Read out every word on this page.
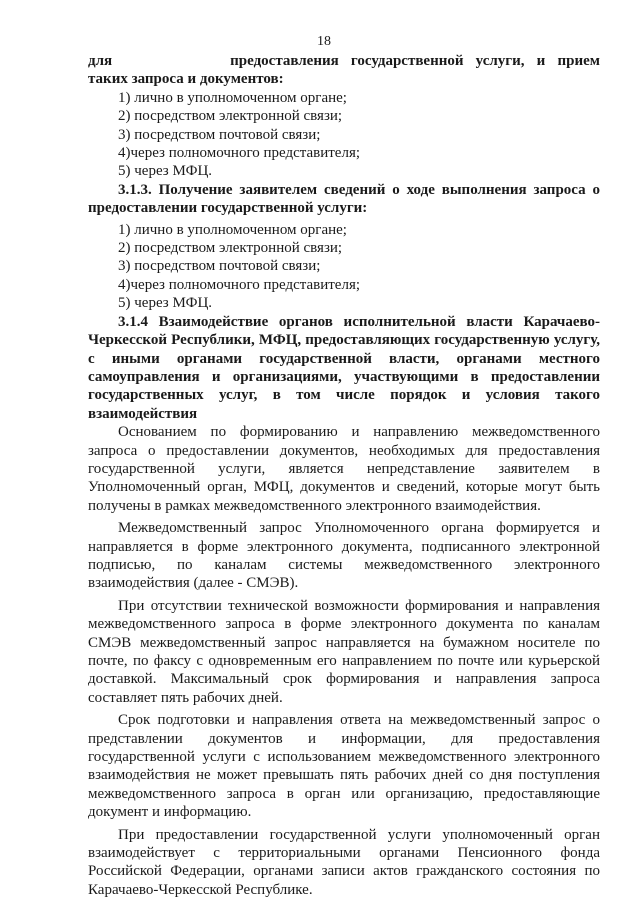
18

для	предоставления государственной услуги, и прием

таких запроса и документов:

1) лично в уполномоченном органе;

2) посредством электронной связи;

3) посредством почтовой связи;

4)через полномочного представителя;

5) через МФЦ.

3.1.3. Получение заявителем сведений о ходе выполнения запроса о предоставлении государственной услуги:

1) лично в уполномоченном органе;

2) посредством электронной связи;

3) посредством почтовой связи;

4)через полномочного представителя;

5) через МФЦ.

3.1.4 Взаимодействие органов исполнительной власти Карачаево-Черкесской Республики, МФЦ, предоставляющих государственную услугу, с иными органами государственной власти, органами местного самоуправления и организациями, участвующими в предоставлении государственных услуг, в том числе порядок и условия такого взаимодействия

Основанием по формированию и направлению межведомственного запроса о предоставлении документов, необходимых для предоставления государственной услуги, является непредставление заявителем в Уполномоченный орган, МФЦ, документов и сведений, которые могут быть получены в рамках межведомственного электронного взаимодействия.

Межведомственный запрос Уполномоченного органа формируется и направляется в форме электронного документа, подписанного электронной подписью, по каналам системы межведомственного электронного взаимодействия (далее - СМЭВ).

При отсутствии технической возможности формирования и направления межведомственного запроса в форме электронного документа по каналам СМЭВ межведомственный запрос направляется на бумажном носителе по почте, по факсу с одновременным его направлением по почте или курьерской доставкой. Максимальный срок формирования и направления запроса составляет пять рабочих дней.

Срок подготовки и направления ответа на межведомственный запрос о представлении документов и информации, для предоставления государственной услуги с использованием межведомственного электронного взаимодействия не может превышать пять рабочих дней со дня поступления межведомственного запроса в орган или организацию, предоставляющие документ и информацию.

При предоставлении государственной услуги уполномоченный орган взаимодействует с территориальными органами Пенсионного фонда Российской Федерации, органами записи актов гражданского состояния по Карачаево-Черкесской Республике.
